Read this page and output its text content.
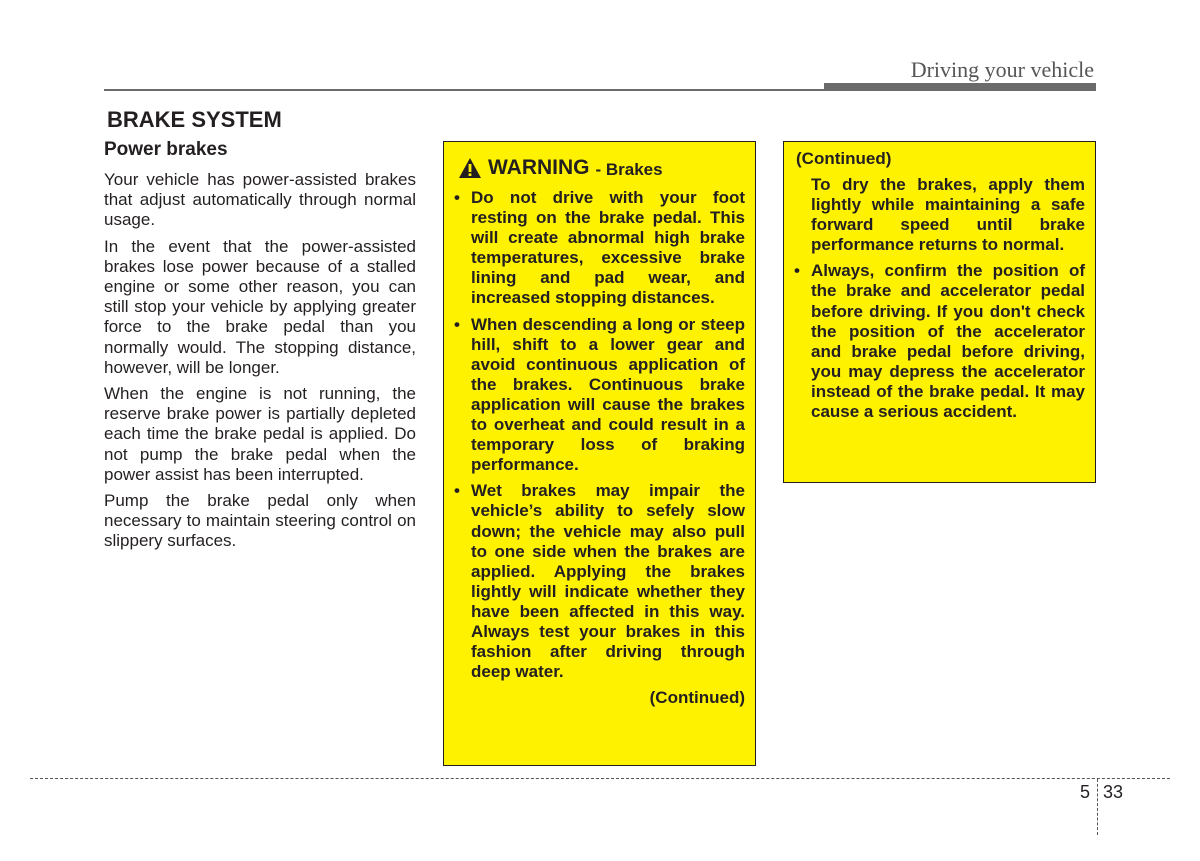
Driving your vehicle
BRAKE SYSTEM
Power brakes

Your vehicle has power-assisted brakes that adjust automatically through normal usage.

In the event that the power-assisted brakes lose power because of a stalled engine or some other reason, you can still stop your vehicle by applying greater force to the brake pedal than you normally would. The stopping distance, however, will be longer.

When the engine is not running, the reserve brake power is partially depleted each time the brake pedal is applied. Do not pump the brake pedal when the power assist has been interrupted.

Pump the brake pedal only when necessary to maintain steering control on slippery surfaces.

WARNING - Brakes
• Do not drive with your foot resting on the brake pedal. This will create abnormal high brake temperatures, excessive brake lining and pad wear, and increased stopping distances.
• When descending a long or steep hill, shift to a lower gear and avoid continuous application of the brakes. Continuous brake application will cause the brakes to overheat and could result in a temporary loss of braking performance.
• Wet brakes may impair the vehicle’s ability to sefely slow down; the vehicle may also pull to one side when the brakes are applied. Applying the brakes lightly will indicate whether they have been affected in this way. Always test your brakes in this fashion after driving through deep water.
(Continued)
(Continued)
To dry the brakes, apply them lightly while maintaining a safe forward speed until brake performance returns to normal.
• Always, confirm the position of the brake and accelerator pedal before driving. If you don't check the position of the accelerator and brake pedal before driving, you may depress the accelerator instead of the brake pedal. It may cause a serious accident.
5 33
